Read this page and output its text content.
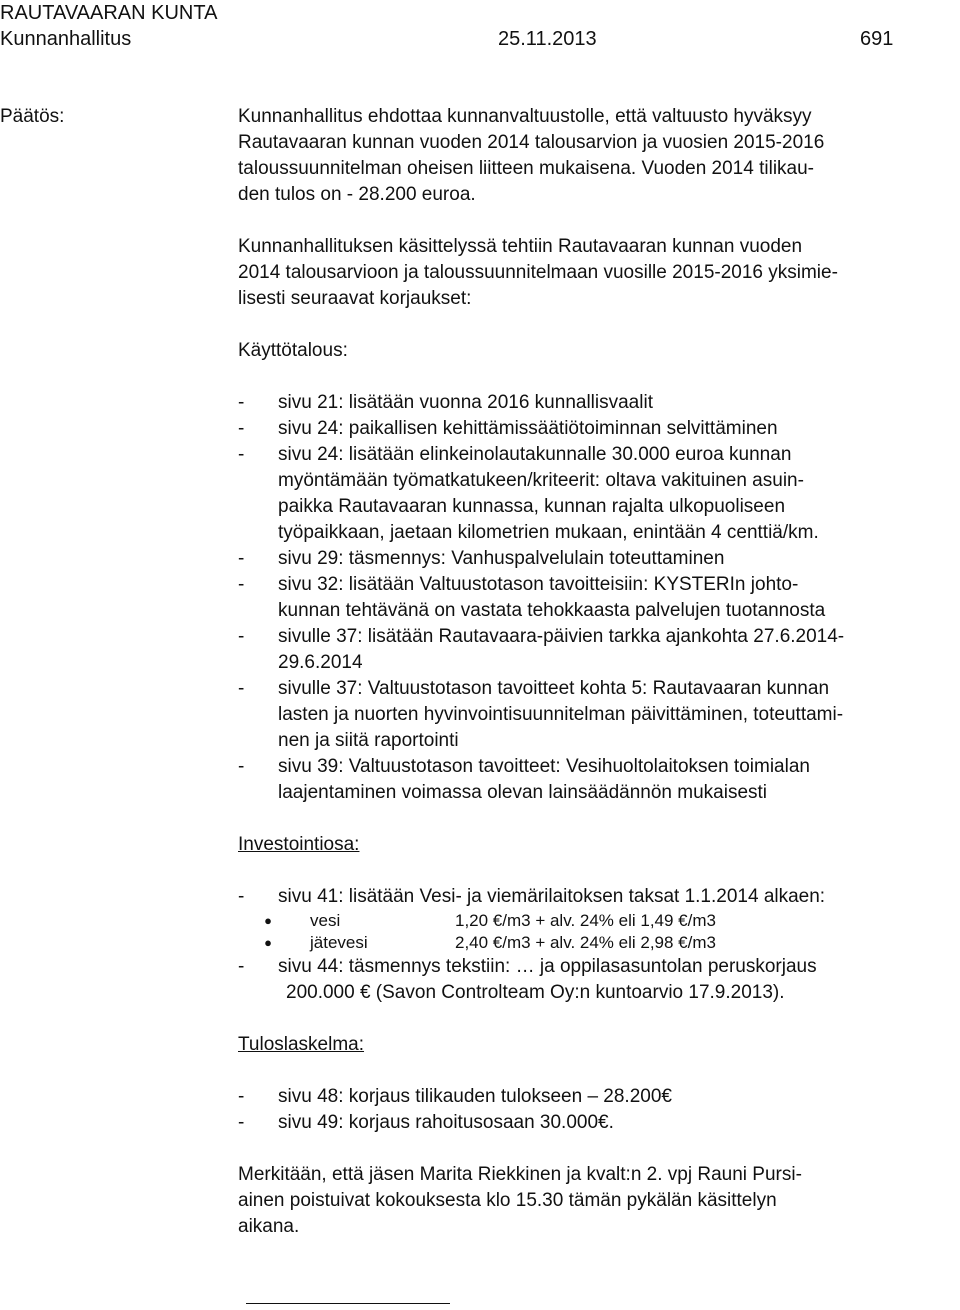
RAUTAVAARAN KUNTA
Kunnanhallitus	25.11.2013	691
Päätös:	Kunnanhallitus ehdottaa kunnanvaltuustolle, että valtuusto hyväksyy

Rautavaaran kunnan vuoden 2014 talousarvion ja vuosien 2015-2016

taloussuunnitelman oheisen liitteen mukaisena. Vuoden 2014 tilikau-

den tulos on - 28.200 euroa.

Kunnanhallituksen käsittelyssä tehtiin Rautavaaran kunnan vuoden

2014 talousarvioon ja taloussuunnitelmaan vuosille 2015-2016 yksimie-

lisesti seuraavat korjaukset:

Käyttötalous:

-	sivu 21: lisätään vuonna 2016 kunnallisvaalit
-	sivu 24: paikallisen kehittämissäätiötoiminnan selvittäminen
-	sivu 24: lisätään elinkeinolautakunnalle 30.000 euroa kunnan
myöntämään työmatkatukeen/kriteerit: oltava vakituinen asuin-
paikka Rautavaaran kunnassa, kunnan rajalta ulkopuoliseen
työpaikkaan, jaetaan kilometrien mukaan, enintään 4 centtiä/km.
-	sivu 29: täsmennys: Vanhuspalvelulain toteuttaminen
-	sivu 32: lisätään Valtuustotason tavoitteisiin: KYSTERIn johto-
kunnan tehtävänä on vastata tehokkaasta palvelujen tuotannosta
-	sivulle 37: lisätään Rautavaara-päivien tarkka ajankohta 27.6.2014-
29.6.2014
-	sivulle 37: Valtuustotason tavoitteet kohta 5: Rautavaaran kunnan
lasten ja nuorten hyvinvointisuunnitelman päivittäminen, toteuttami-
nen ja siitä raportointi
-	sivu 39: Valtuustotason tavoitteet: Vesihuoltolaitoksen toimialan
laajentaminen voimassa olevan lainsäädännön mukaisesti

Investointiosa:

-	sivu 41: lisätään Vesi- ja viemärilaitoksen taksat 1.1.2014 alkaen:
●	vesi	1,20 €/m3 + alv. 24% eli 1,49 €/m3
●	jätevesi	2,40 €/m3 + alv. 24% eli 2,98 €/m3
-	sivu 44: täsmennys tekstiin: … ja oppilasasuntolan peruskorjaus
200.000 € (Savon Controlteam Oy:n kuntoarvio 17.9.2013).

Tuloslaskelma:

-	sivu 48: korjaus tilikauden tulokseen – 28.200€
-	sivu 49: korjaus rahoitusosaan 30.000€.

Merkitään, että jäsen Marita Riekkinen ja kvalt:n 2. vpj Rauni Pursi-

ainen poistuivat kokouksesta klo 15.30 tämän pykälän käsittelyn

aikana.
